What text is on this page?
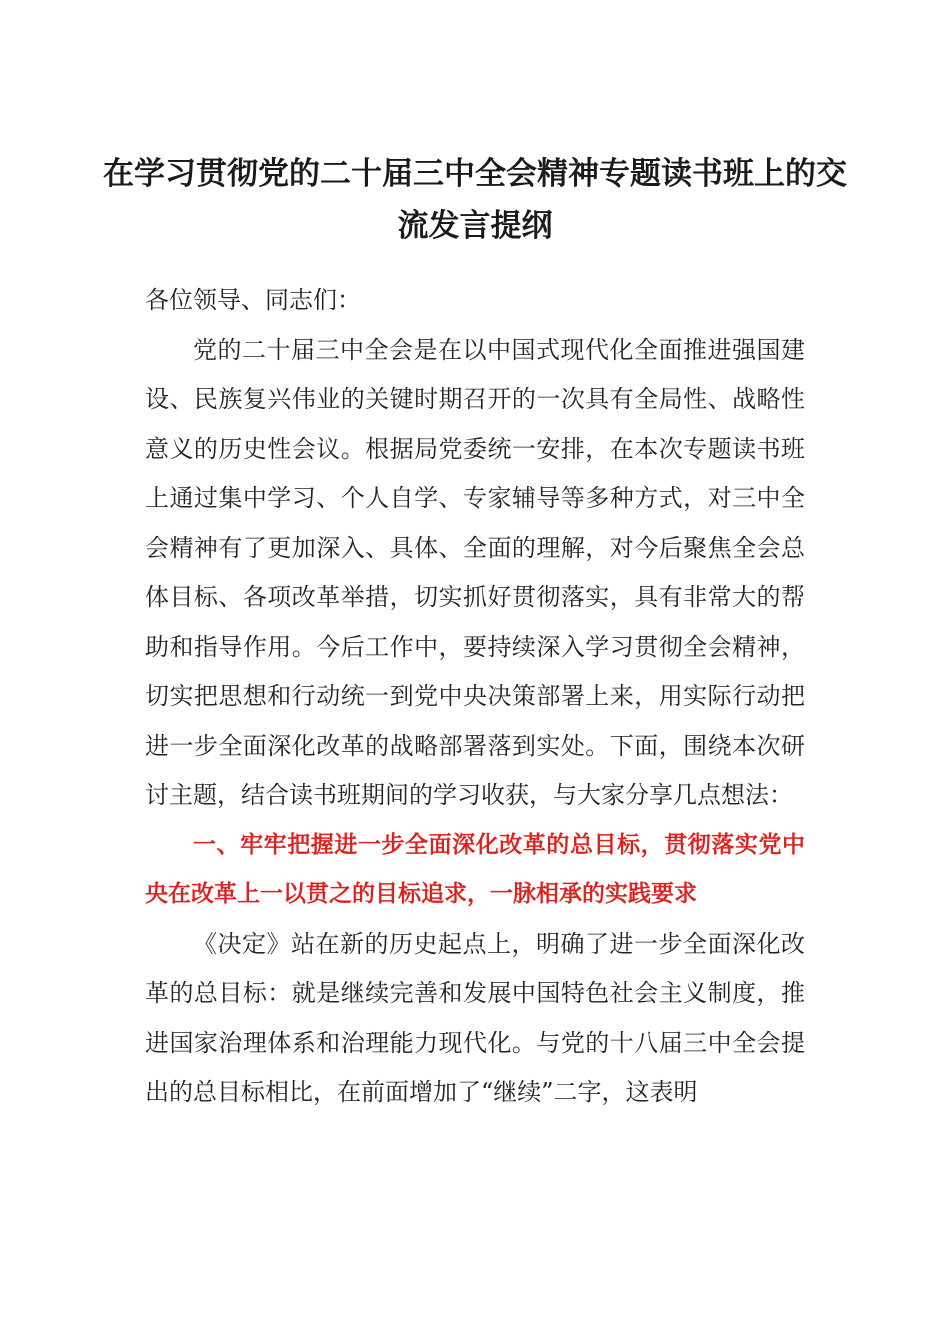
在学习贯彻党的二十届三中全会精神专题读书班上的交流发言提纲

各位领导、同志们：

党的二十届三中全会是在以中国式现代化全面推进强国建设、民族复兴伟业的关键时期召开的一次具有全局性、战略性意义的历史性会议。根据局党委统一安排，在本次专题读书班上通过集中学习、个人自学、专家辅导等多种方式，对三中全会精神有了更加深入、具体、全面的理解，对今后聚焦全会总体目标、各项改革举措，切实抓好贯彻落实，具有非常大的帮助和指导作用。今后工作中，要持续深入学习贯彻全会精神，切实把思想和行动统一到党中央决策部署上来，用实际行动把进一步全面深化改革的战略部署落到实处。下面，围绕本次研讨主题，结合读书班期间的学习收获，与大家分享几点想法：

一、牢牢把握进一步全面深化改革的总目标，贯彻落实党中央在改革上一以贯之的目标追求，一脉相承的实践要求

《决定》站在新的历史起点上，明确了进一步全面深化改革的总目标：就是继续完善和发展中国特色社会主义制度，推进国家治理体系和治理能力现代化。与党的十八届三中全会提出的总目标相比，在前面增加了“继续”二字，这表明
